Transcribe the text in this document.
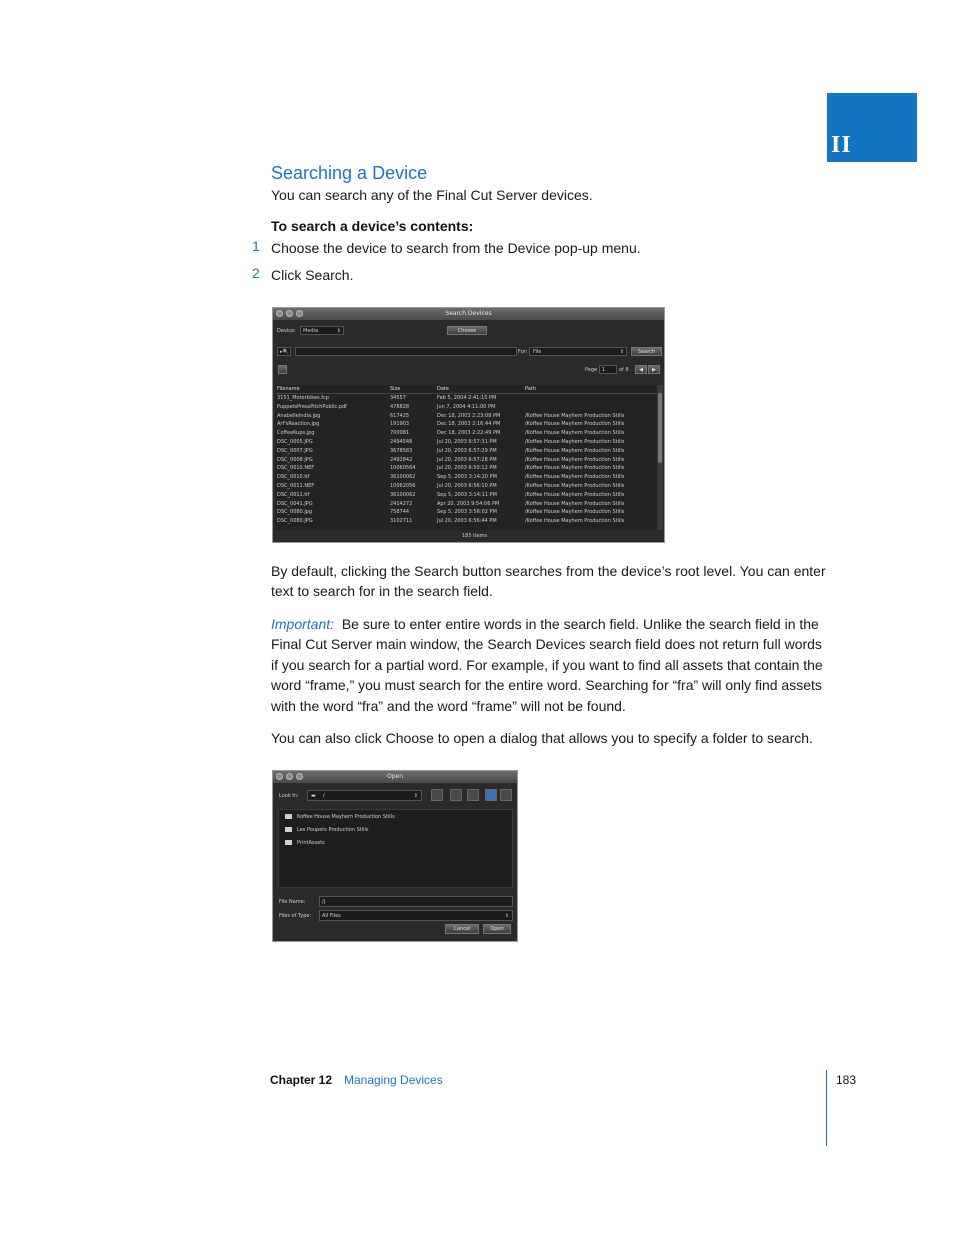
II
Searching a Device
You can search any of the Final Cut Server devices.
To search a device’s contents:
1 Choose the device to search from the Device pop-up menu.
2 Click Search.
Search Devices
Device: Media	⇕	Choose
▸🔍	For: File	⇕	Search
Page 1	of 8	◀	▶
Filename	Size	Date	Path
3151_Motorbikes.fcp	34557	Feb 5, 2004 2:41:15 PM
PuppetsPressPitchPublic.pdf	478828	Jun 7, 2004 4:11:00 PM
AnabelleIndia.jpg	617425	Dec 18, 2003 2:23:08 PM	/Koffee House Mayhem Production Stills
Arf'sReaction.jpg	191903	Dec 18, 2003 2:16:44 PM	/Koffee House Mayhem Production Stills
CoffeeKups.jpg	700081	Dec 18, 2003 2:22:49 PM	/Koffee House Mayhem Production Stills
DSC_0005.JPG	2494548	Jul 20, 2003 6:57:31 PM	/Koffee House Mayhem Production Stills
DSC_0007.JPG	3678583	Jul 20, 2003 6:57:29 PM	/Koffee House Mayhem Production Stills
DSC_0008.JPG	2492842	Jul 20, 2003 6:57:28 PM	/Koffee House Mayhem Production Stills
DSC_0010.NEF	10060564	Jul 20, 2003 6:50:12 PM	/Koffee House Mayhem Production Stills
DSC_0010.tif	36100062	Sep 5, 2003 3:14:20 PM	/Koffee House Mayhem Production Stills
DSC_0011.NEF	10062056	Jul 20, 2003 6:56:10 PM	/Koffee House Mayhem Production Stills
DSC_0011.tif	36100062	Sep 5, 2003 3:14:11 PM	/Koffee House Mayhem Production Stills
DSC_0041.JPG	2414272	Apr 20, 2003 9:54:06 PM	/Koffee House Mayhem Production Stills
DSC_0080.jpg	758744	Sep 5, 2003 3:56:02 PM	/Koffee House Mayhem Production Stills
DSC_0080.JPG	3102711	Jul 20, 2003 6:56:44 PM	/Koffee House Mayhem Production Stills
185 items
By default, clicking the Search button searches from the device’s root level. You can enter text to search for in the search field.
Important: Be sure to enter entire words in the search field. Unlike the search field in the Final Cut Server main window, the Search Devices search field does not return full words if you search for a partial word. For example, if you want to find all assets that contain the word “frame,” you must search for the entire word. Searching for “fra” will only find assets with the word “fra” and the word “frame” will not be found.
You can also click Choose to open a dialog that allows you to specify a folder to search.
Open
Look In: ▬ /	⇕
Koffee House Mayhem Production Stills
Les Poupets Production Stills
PrintAssets
File Name:	/|
Files of Type: All Files	⇕
Cancel	Open
Chapter 12 Managing Devices	183
